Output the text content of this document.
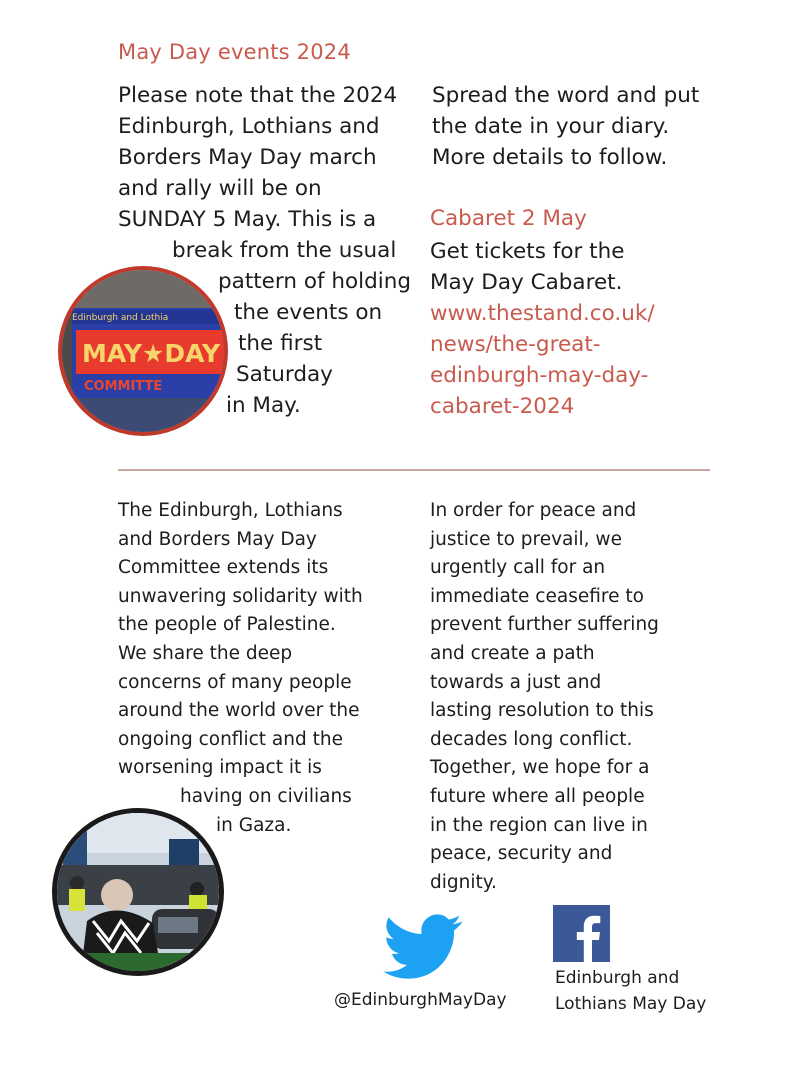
May Day events 2024

Please note that the 2024

Edinburgh, Lothians and

Borders May Day march

and rally will be on

SUNDAY 5 May. This is a

break from the usual

pattern of holding

the events on

the first

Saturday

in May.

Spread the word and put

the date in your diary.

More details to follow.

Cabaret 2 May

Get tickets for the

May Day Cabaret.

www.thestand.co.uk/

news/the-great-

edinburgh-may-day-

cabaret-2024

Edinburgh and Lothia
MAY★DAY
COMMITTE

The Edinburgh, Lothians

and Borders May Day

Committee extends its

unwavering solidarity with

the people of Palestine.

We share the deep

concerns of many people

around the world over the

ongoing conflict and the

worsening impact it is

having on civilians

in Gaza.

In order for peace and

justice to prevail, we

urgently call for an

immediate ceasefire to

prevent further suffering

and create a path

towards a just and

lasting resolution to this

decades long conflict.

Together, we hope for a

future where all people

in the region can live in

peace, security and

dignity.

@EdinburghMayDay

Edinburgh and

Lothians May Day
